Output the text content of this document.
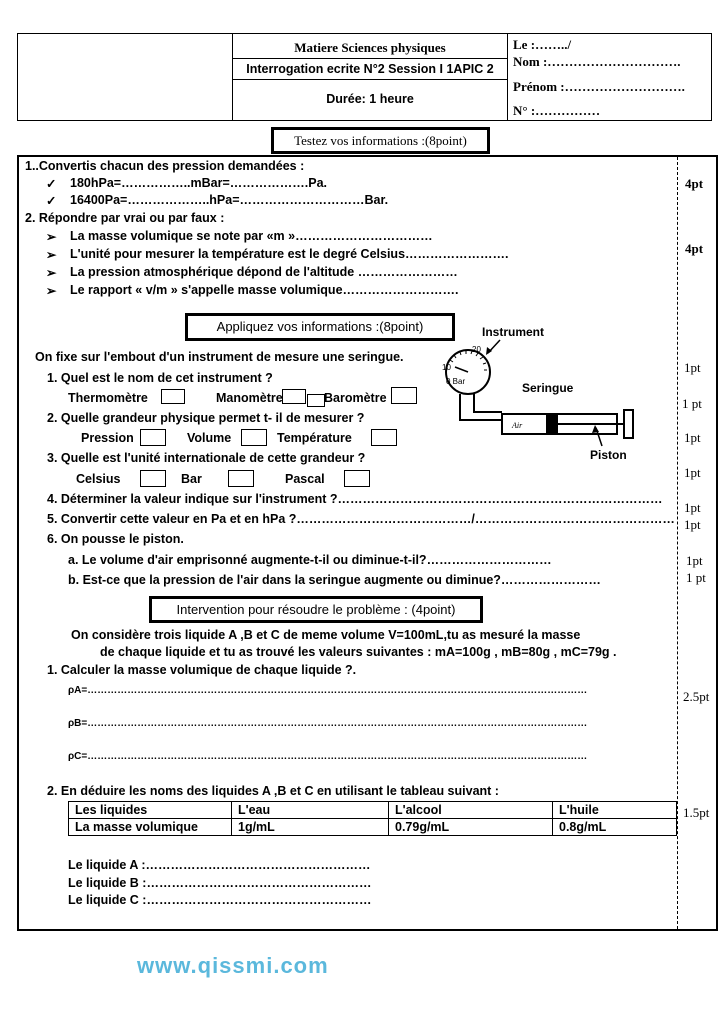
Matiere Sciences physiques
Interrogation ecrite N°2 Session I 1APIC 2
Durée: 1 heure
Le :……../
Nom :………………………….
Prénom :……………………….
N° :……………
Testez vos informations :(8point)
1..Convertis chacun des pression demandées :
✓ 180hPa=……………..mBar=……………….Pa.
✓ 16400Pa=………………..hPa=…………………………Bar.
4pt
2. Répondre par vrai ou par faux :
➢ La masse volumique se note par «m »……………………………
➢ L'unité pour mesurer la température est le degré Celsius…………………….
➢ La pression atmosphérique dépond de l'altitude ……………………
➢ Le rapport « v/m » s'appelle masse volumique……………………….
4pt
Appliquez vos informations :(8point)
On fixe sur l'embout d'un instrument de mesure une seringue.
1. Quel est le nom de cet instrument ?
Thermomètre	Manomètre	Baromètre
2. Quelle grandeur physique permet t- il de mesurer ?
Pression	Volume	Température
3. Quelle est l'unité internationale de cette grandeur ?
Celsius	Bar	Pascal
4. Déterminer la valeur indique sur l'instrument ?……………………………………………………………………
5. Convertir cette valeur en Pa et en hPa ?……………………………………/…………………………………………
6. On pousse le piston.
a. Le volume d'air emprisonné augmente-t-il ou diminue-t-il?…………………………
b. Est-ce que la pression de l'air dans la seringue augmente ou diminue?……………………
1pt
1 pt
1pt
1pt
1pt
1pt
1pt
1 pt
20
10
0 Bar
Air
Instrument
Seringue
Piston
Intervention pour résoudre le problème : (4point)
On considère trois liquide A ,B et C de meme volume V=100mL,tu as mesuré la masse
de chaque liquide et tu as trouvé les valeurs suivantes : mA=100g , mB=80g , mC=79g .
1. Calculer la masse volumique de chaque liquide ?.
2.5pt
ρA=……………………………………………………………………………………………………………………………………
ρB=……………………………………………………………………………………………………………………………………
ρC=……………………………………………………………………………………………………………………………………
2. En déduire les noms des liquides A ,B et C en utilisant le tableau suivant :
1.5pt
Les liquides	L'eau	L'alcool	L'huile
La masse volumique	1g/mL	0.79g/mL	0.8g/mL
Le liquide A :………………………………………………
Le liquide B :………………………………………………
Le liquide C :………………………………………………
www.qissmi.com
